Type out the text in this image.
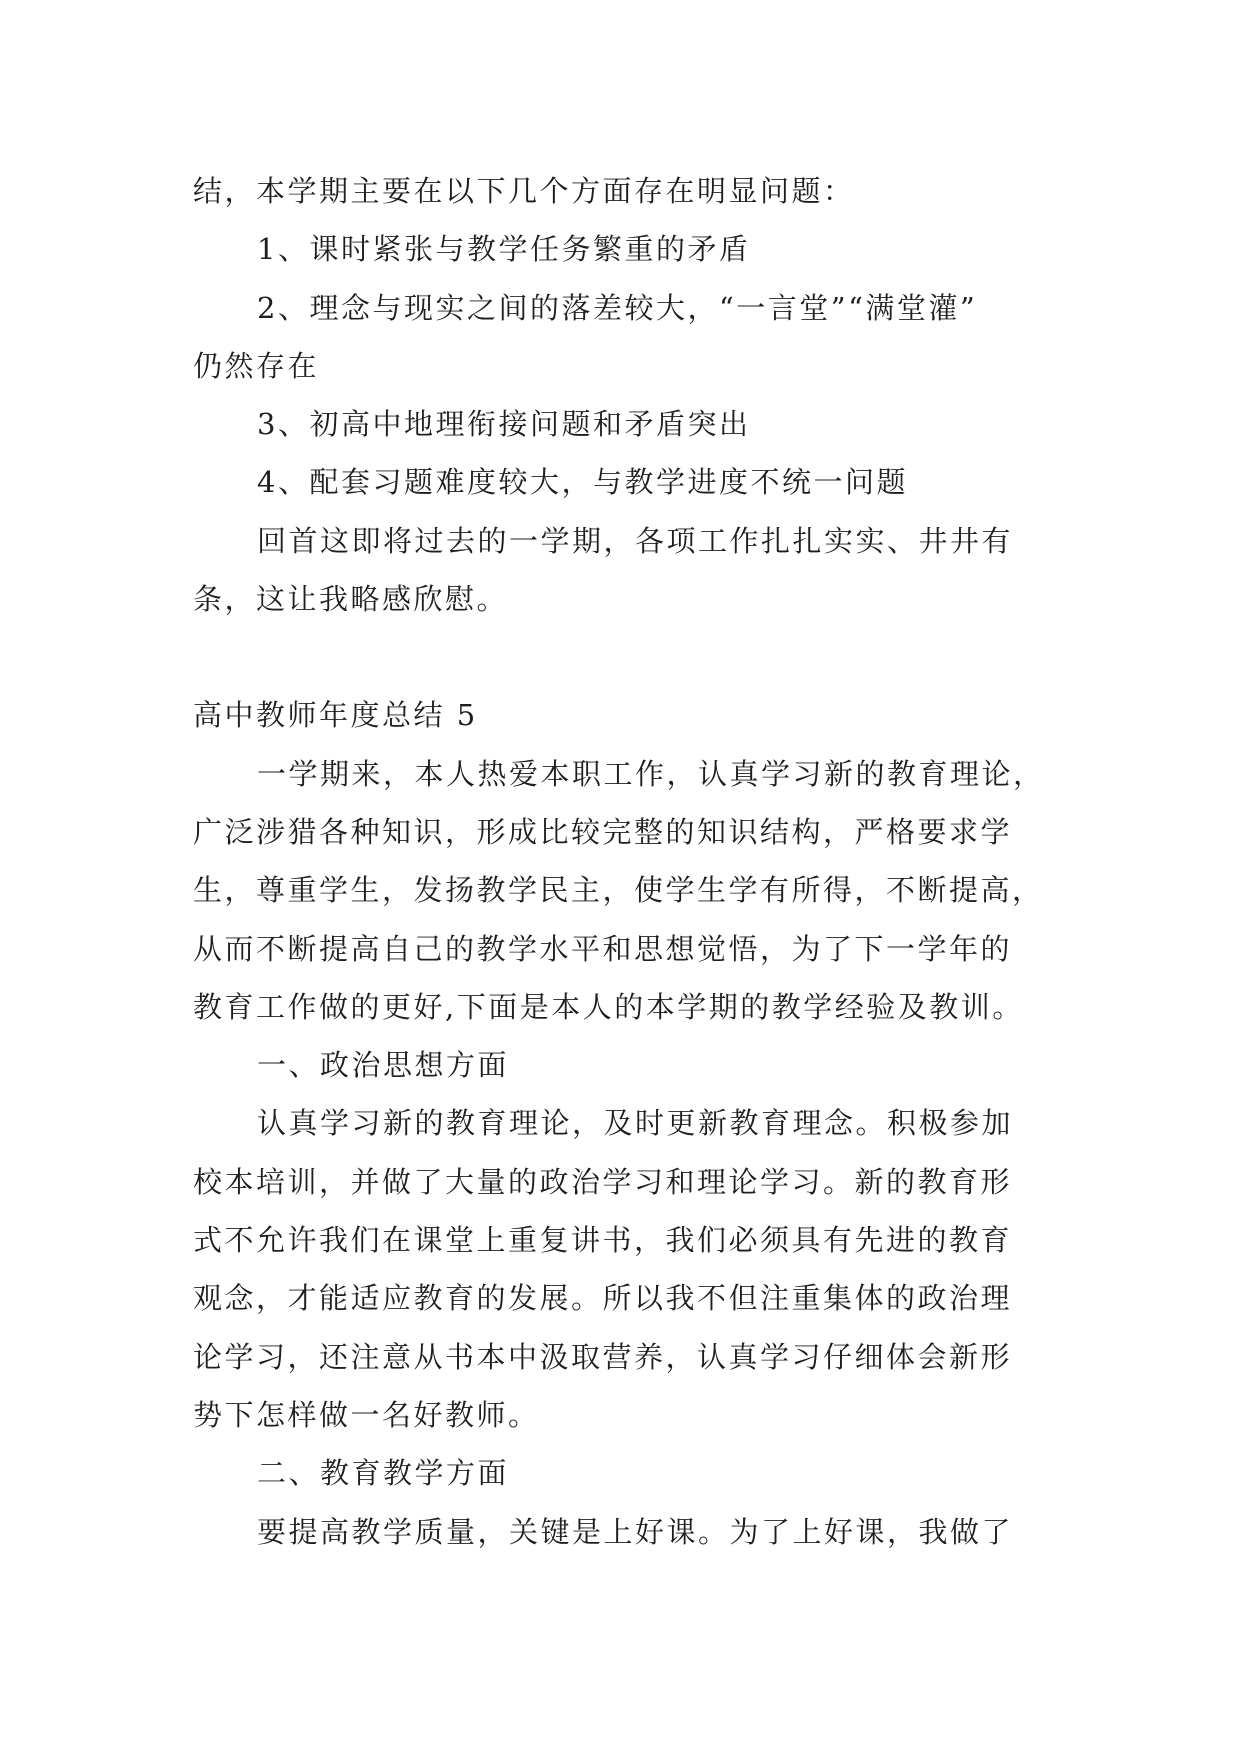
结，本学期主要在以下几个方面存在明显问题：
1、课时紧张与教学任务繁重的矛盾
2、理念与现实之间的落差较大，“一言堂”“满堂灌”
仍然存在
3、初高中地理衔接问题和矛盾突出
4、配套习题难度较大，与教学进度不统一问题
回首这即将过去的一学期，各项工作扎扎实实、井井有
条，这让我略感欣慰。
高中教师年度总结 5
一学期来，本人热爱本职工作，认真学习新的教育理论，
广泛涉猎各种知识，形成比较完整的知识结构，严格要求学
生，尊重学生，发扬教学民主，使学生学有所得，不断提高，
从而不断提高自己的教学水平和思想觉悟，为了下一学年的
教育工作做的更好,下面是本人的本学期的教学经验及教训。
一、政治思想方面
认真学习新的教育理论，及时更新教育理念。积极参加
校本培训，并做了大量的政治学习和理论学习。新的教育形
式不允许我们在课堂上重复讲书，我们必须具有先进的教育
观念，才能适应教育的发展。所以我不但注重集体的政治理
论学习，还注意从书本中汲取营养，认真学习仔细体会新形
势下怎样做一名好教师。
二、教育教学方面
要提高教学质量，关键是上好课。为了上好课，我做了
